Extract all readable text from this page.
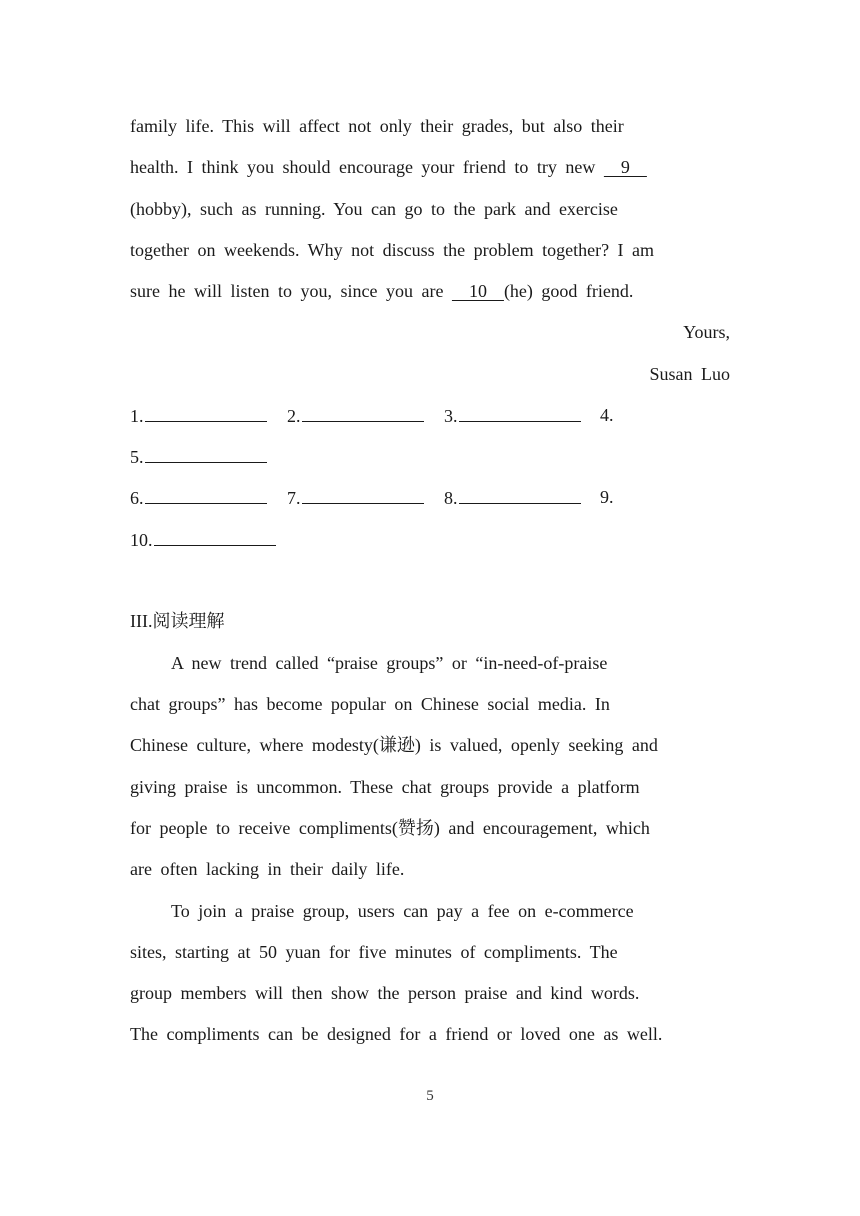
family life. This will affect not only their grades, but also their
health. I think you should encourage your friend to try new   9
(hobby), such as running. You can go to the park and exercise
together on weekends. Why not discuss the problem together? I am
sure he will listen to you, since you are   10  (he) good friend.
Yours,
Susan Luo
1.	2.	3.	4.
5.
6.	7.	8.	9.
10.
III.阅读理解
A new trend called “praise groups” or “in-need-of-praise
chat groups” has become popular on Chinese social media. In
Chinese culture, where modesty(谦逊) is valued, openly seeking and
giving praise is uncommon. These chat groups provide a platform
for people to receive compliments(赞扬) and encouragement, which
are often lacking in their daily life.
To join a praise group, users can pay a fee on e-commerce
sites, starting at 50 yuan for five minutes of compliments. The
group members will then show the person praise and kind words.
The compliments can be designed for a friend or loved one as well.
5
